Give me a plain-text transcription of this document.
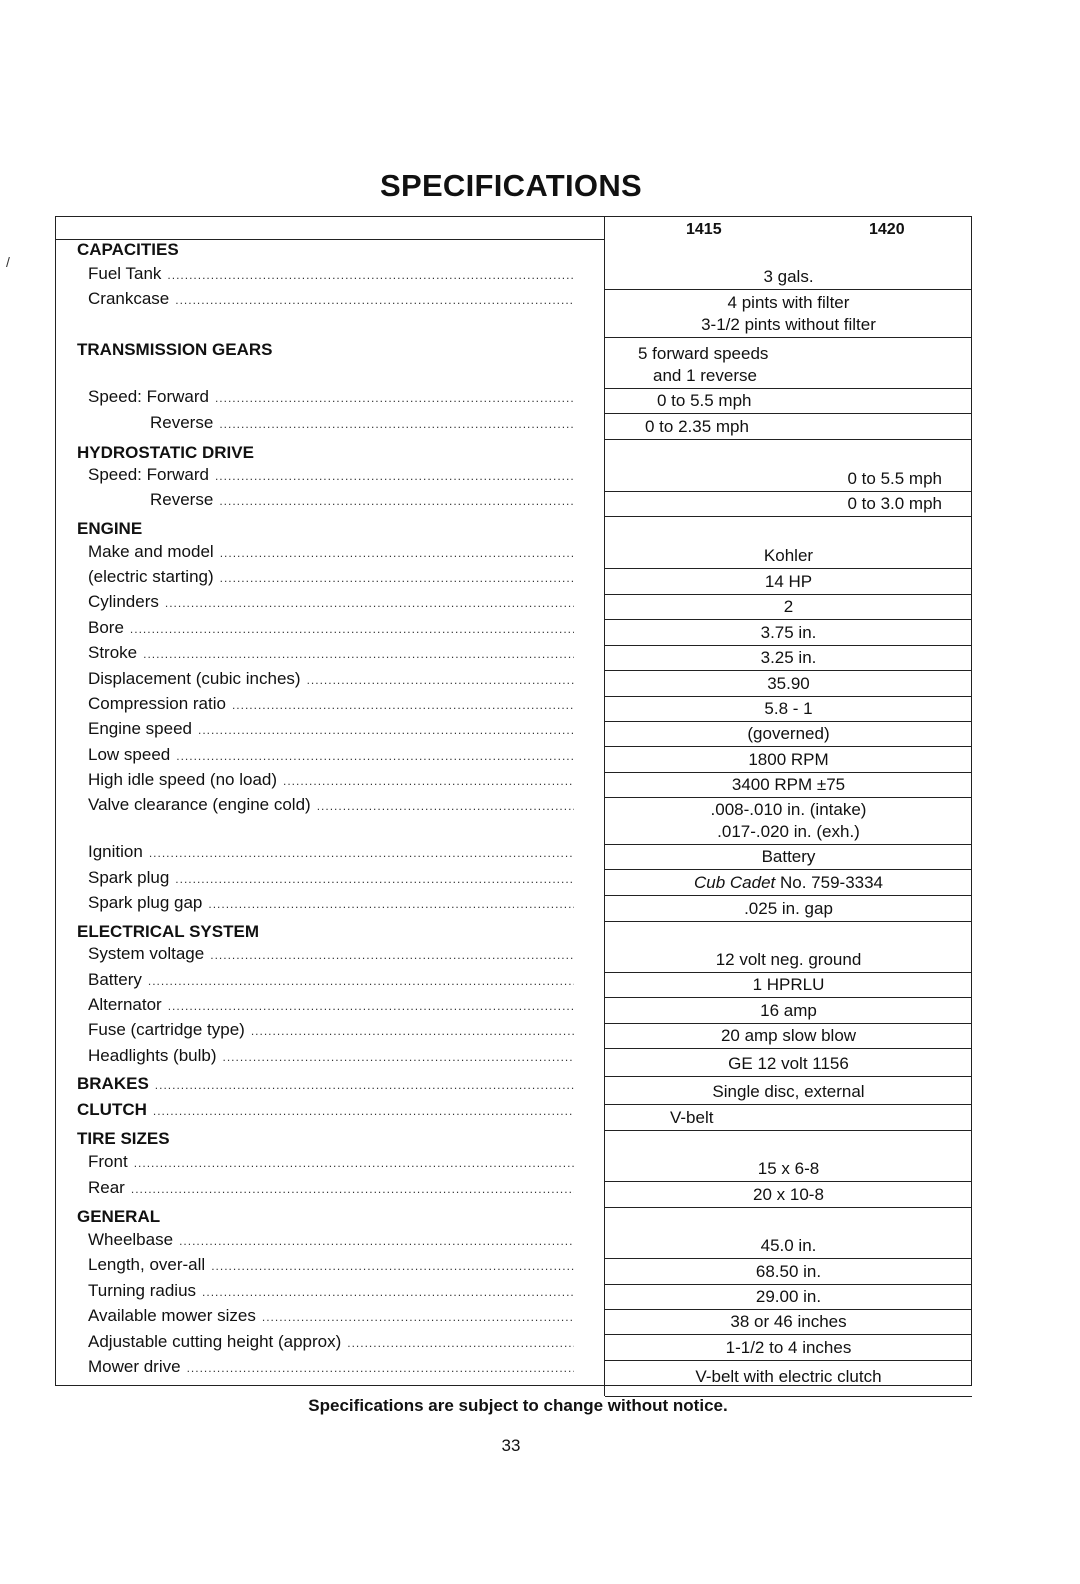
SPECIFICATIONS
/
1415	1420
CAPACITIES
Fuel Tank
.....
Crankcase
.....
TRANSMISSION GEARS
Speed: Forward
.....
Reverse
.....
HYDROSTATIC DRIVE
Speed: Forward
.....
Reverse
.....
ENGINE
Make and model
.....
(electric starting)
.....
Cylinders
.....
Bore
.....
Stroke
.....
Displacement (cubic inches)
.....
Compression ratio
.....
Engine speed
.....
Low speed
.....
High idle speed (no load)
.....
Valve clearance (engine cold)
.....
Ignition
.....
Spark plug
.....
Spark plug gap
.....
ELECTRICAL SYSTEM
System voltage
.....
Battery
.....
Alternator
.....
Fuse (cartridge type)
.....
Headlights (bulb)
.....
BRAKES
.....
CLUTCH
.....
TIRE SIZES
Front
.....
Rear
.....
GENERAL
Wheelbase
.....
Length, over-all
.....
Turning radius
.....
Available mower sizes
.....
Adjustable cutting height (approx)
.....
Mower drive
.....
3 gals.
4 pints with filter
3-1/2 pints without filter
5 forward speeds
and 1 reverse
0 to 5.5 mph
0 to 2.35 mph
0 to 5.5 mph
0 to 3.0 mph
Kohler
14 HP
2
3.75 in.
3.25 in.
35.90
5.8 - 1
(governed)
1800 RPM
3400 RPM ±75
.008-.010 in. (intake)
.017-.020 in. (exh.)
Battery
Cub Cadet No. 759-3334
.025 in. gap
12 volt neg. ground
1 HPRLU
16 amp
20 amp slow blow
GE 12 volt 1156
Single disc, external
V-belt
15 x 6-8
20 x 10-8
45.0 in.
68.50 in.
29.00 in.
38 or 46 inches
1-1/2 to 4 inches
V-belt with electric clutch
Specifications are subject to change without notice.
33
